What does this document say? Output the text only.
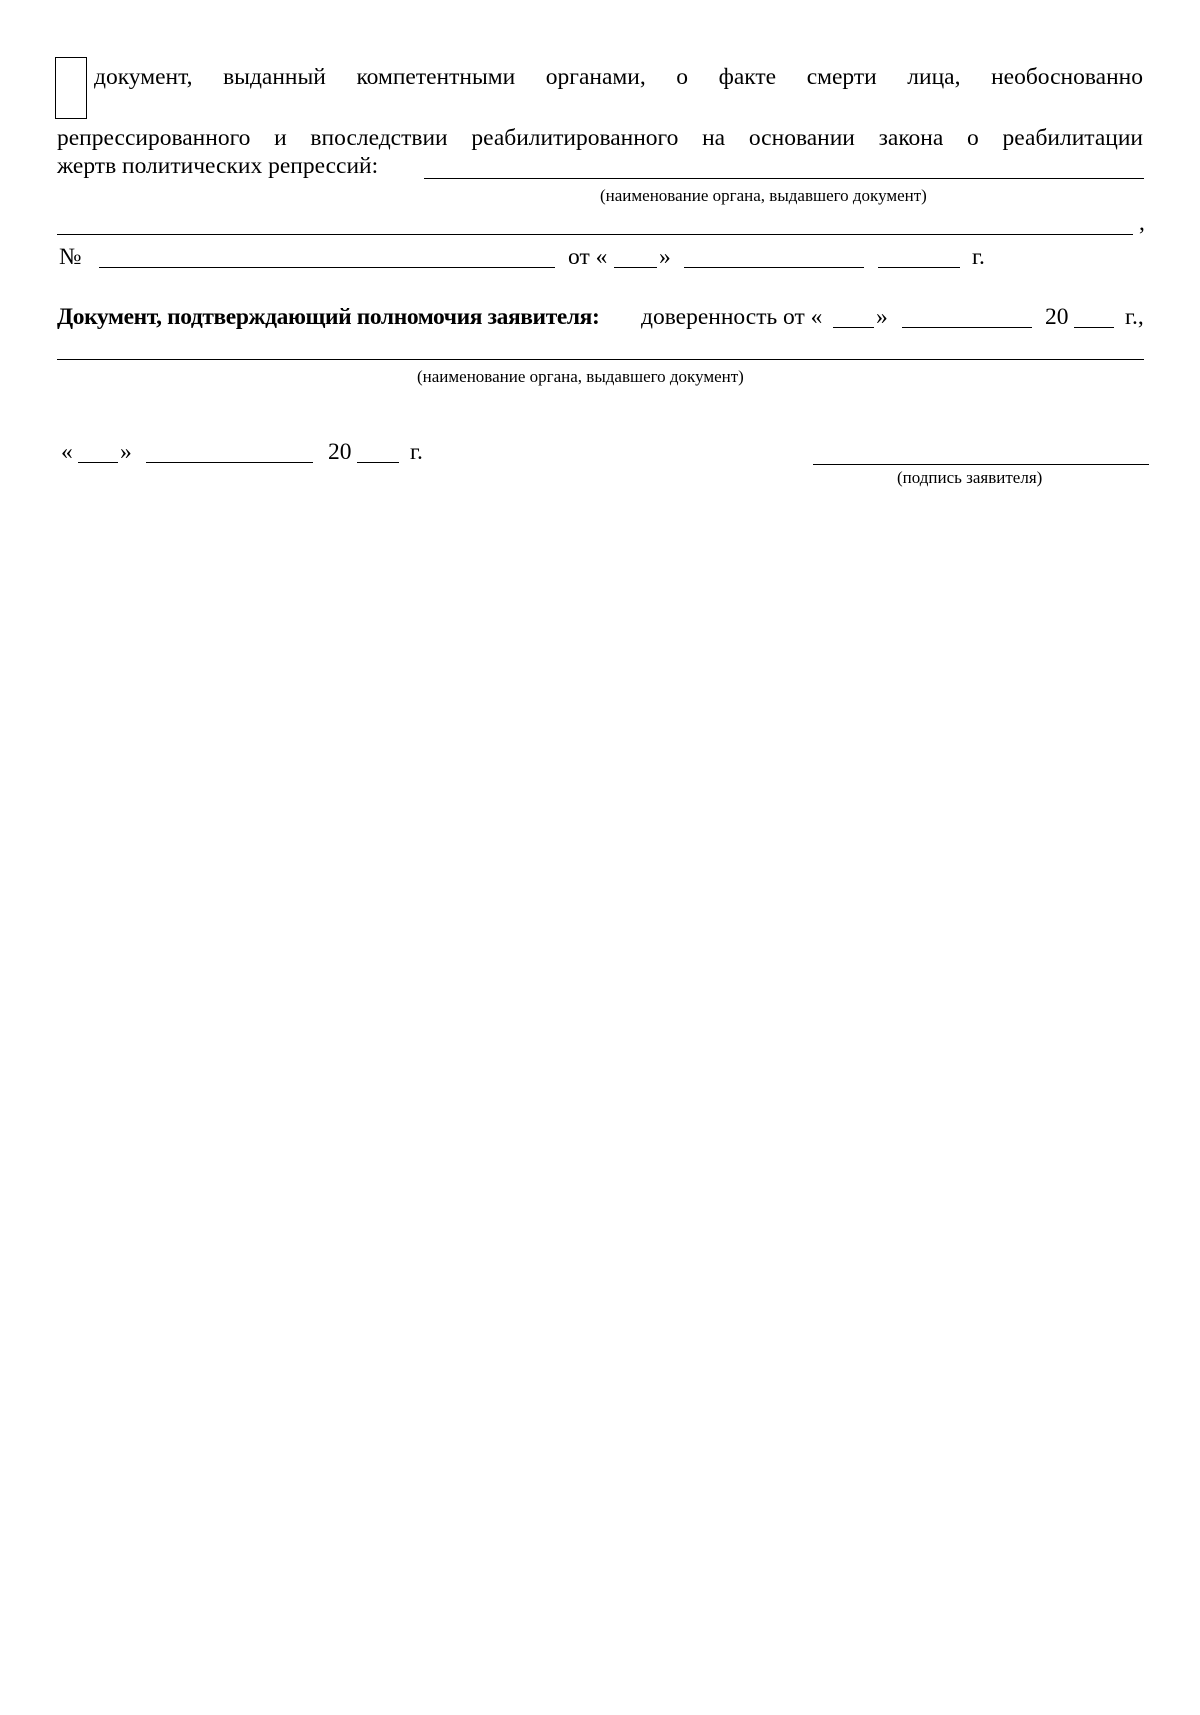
документ, выданный компетентными органами, о факте смерти лица, необоснованно
репрессированного и впоследствии реабилитированного на основании закона о реабилитации
жертв политических репрессий:
(наименование органа, выдавшего документ)
,
№	от « »	г.
Документ, подтверждающий полномочия заявителя: доверенность от « »	20 г.,
(наименование органа, выдавшего документ)
« »	20 г.
(подпись заявителя)
